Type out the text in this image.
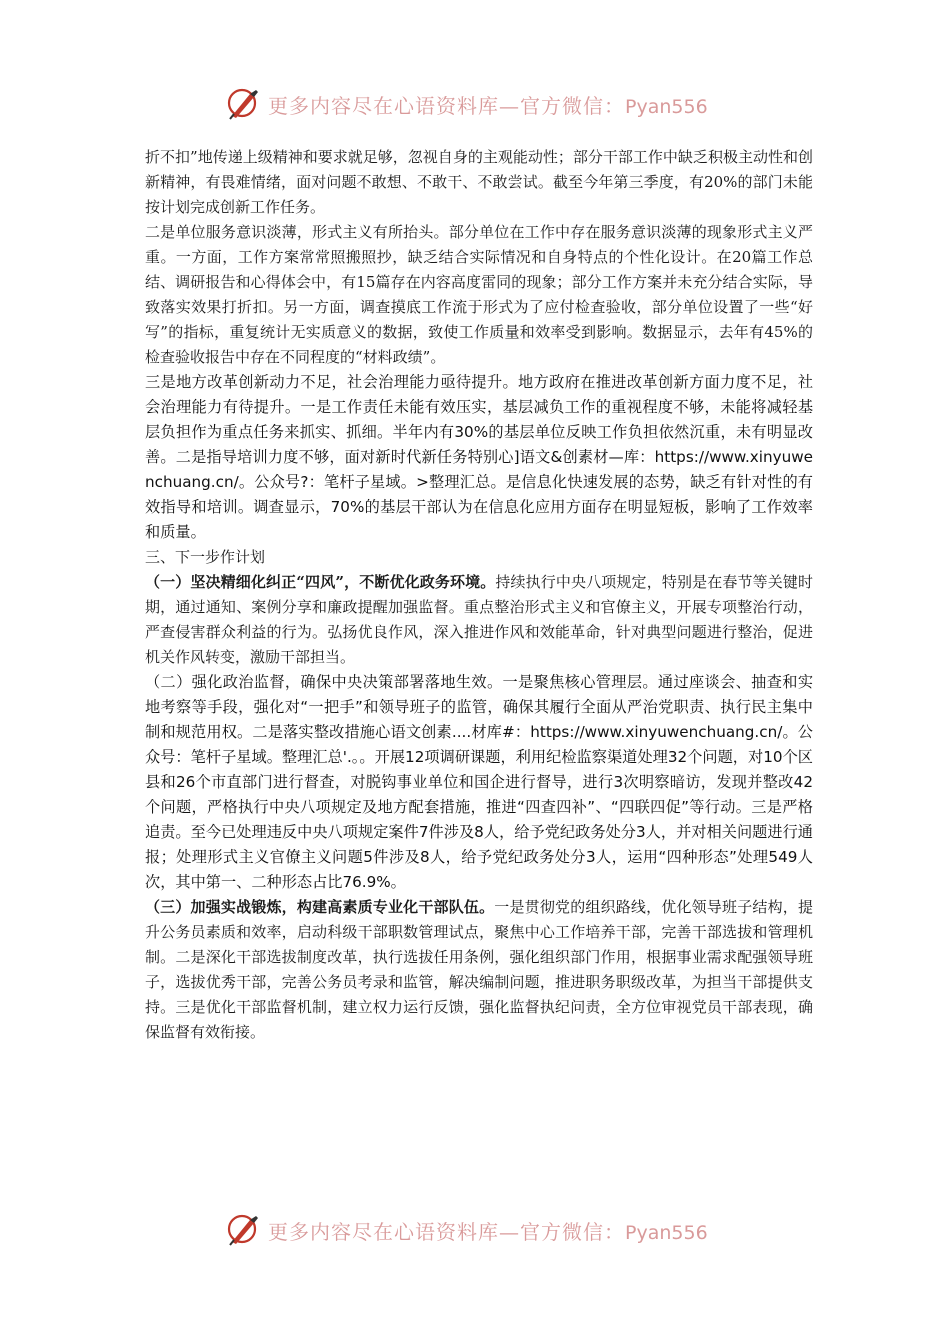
更多内容尽在心语资料库—官方微信：Pyan556

折不扣”地传递上级精神和要求就足够，忽视自身的主观能动性；部分干部工作中缺乏积极主动性和创新精神，有畏难情绪，面对问题不敢想、不敢干、不敢尝试。截至今年第三季度，有20%的部门未能按计划完成创新工作任务。

二是单位服务意识淡薄，形式主义有所抬头。部分单位在工作中存在服务意识淡薄的现象形式主义严重。一方面，工作方案常常照搬照抄，缺乏结合实际情况和自身特点的个性化设计。在20篇工作总结、调研报告和心得体会中，有15篇存在内容高度雷同的现象；部分工作方案并未充分结合实际，导致落实效果打折扣。另一方面，调查摸底工作流于形式为了应付检查验收，部分单位设置了一些“好写”的指标，重复统计无实质意义的数据，致使工作质量和效率受到影响。数据显示，去年有45%的检查验收报告中存在不同程度的“材料政绩”。

三是地方改革创新动力不足，社会治理能力亟待提升。地方政府在推进改革创新方面力度不足，社会治理能力有待提升。一是工作责任未能有效压实，基层减负工作的重视程度不够，未能将减轻基层负担作为重点任务来抓实、抓细。半年内有30%的基层单位反映工作负担依然沉重，未有明显改善。二是指导培训力度不够，面对新时代新任务特别心]语文&创素材—库：https://www.xinyuwenchuang.cn/。公众号?：笔杆子星域。>整理汇总。是信息化快速发展的态势，缺乏有针对性的有效指导和培训。调查显示，70%的基层干部认为在信息化应用方面存在明显短板，影响了工作效率和质量。

三、下一步作计划

（一）坚决精细化纠正“四风”，不断优化政务环境。持续执行中央八项规定，特别是在春节等关键时期，通过通知、案例分享和廉政提醒加强监督。重点整治形式主义和官僚主义，开展专项整治行动，严查侵害群众利益的行为。弘扬优良作风，深入推进作风和效能革命，针对典型问题进行整治，促进机关作风转变，激励干部担当。

（二）强化政治监督，确保中央决策部署落地生效。一是聚焦核心管理层。通过座谈会、抽查和实地考察等手段，强化对“一把手”和领导班子的监管，确保其履行全面从严治党职责、执行民主集中制和规范用权。二是落实整改措施心语文创素....材库#：https://www.xinyuwenchuang.cn/。公众号：笔杆子星域。整理汇总'.。。开展12项调研课题，利用纪检监察渠道处理32个问题，对10个区县和26个市直部门进行督查，对脱钩事业单位和国企进行督导，进行3次明察暗访，发现并整改42个问题，严格执行中央八项规定及地方配套措施，推进“四查四补”、“四联四促”等行动。三是严格追责。至今已处理违反中央八项规定案件7件涉及8人，给予党纪政务处分3人，并对相关问题进行通报；处理形式主义官僚主义问题5件涉及8人，给予党纪政务处分3人，运用“四种形态”处理549人次，其中第一、二种形态占比76.9%。

（三）加强实战锻炼，构建高素质专业化干部队伍。一是贯彻党的组织路线，优化领导班子结构，提升公务员素质和效率，启动科级干部职数管理试点，聚焦中心工作培养干部，完善干部选拔和管理机制。二是深化干部选拔制度改革，执行选拔任用条例，强化组织部门作用，根据事业需求配强领导班子，选拔优秀干部，完善公务员考录和监管，解决编制问题，推进职务职级改革，为担当干部提供支持。三是优化干部监督机制，建立权力运行反馈，强化监督执纪问责，全方位审视党员干部表现，确保监督有效衔接。

更多内容尽在心语资料库—官方微信：Pyan556
